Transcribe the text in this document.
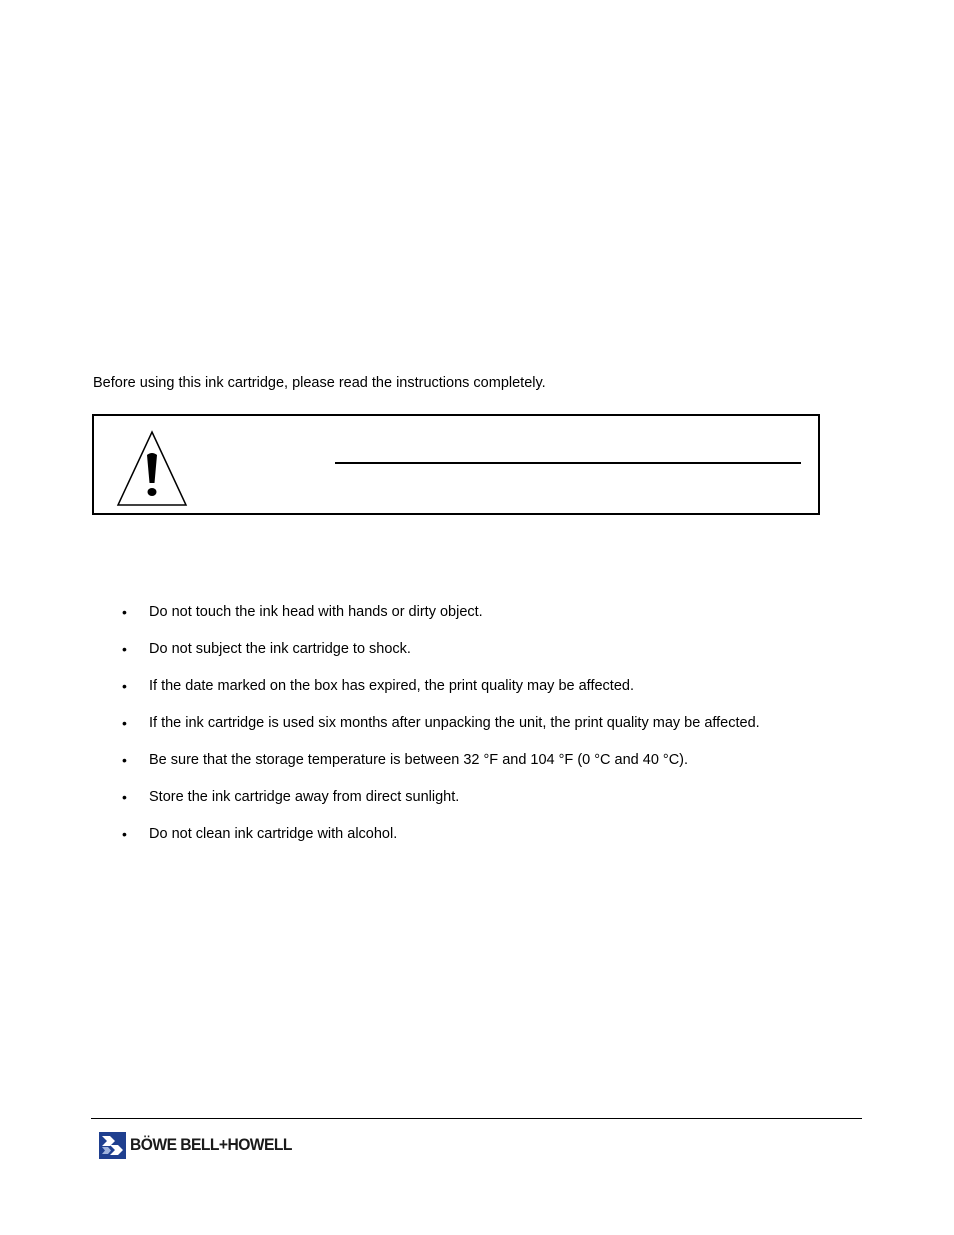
Before using this ink cartridge, please read the instructions completely.
• Do not touch the ink head with hands or dirty object.
• Do not subject the ink cartridge to shock.
• If the date marked on the box has expired, the print quality may be affected.
• If the ink cartridge is used six months after unpacking the unit, the print quality may be affected.
• Be sure that the storage temperature is between 32 °F and 104 °F (0 °C and 40 °C).
• Store the ink cartridge away from direct sunlight.
• Do not clean ink cartridge with alcohol.
BÖWE BELL+HOWELL
